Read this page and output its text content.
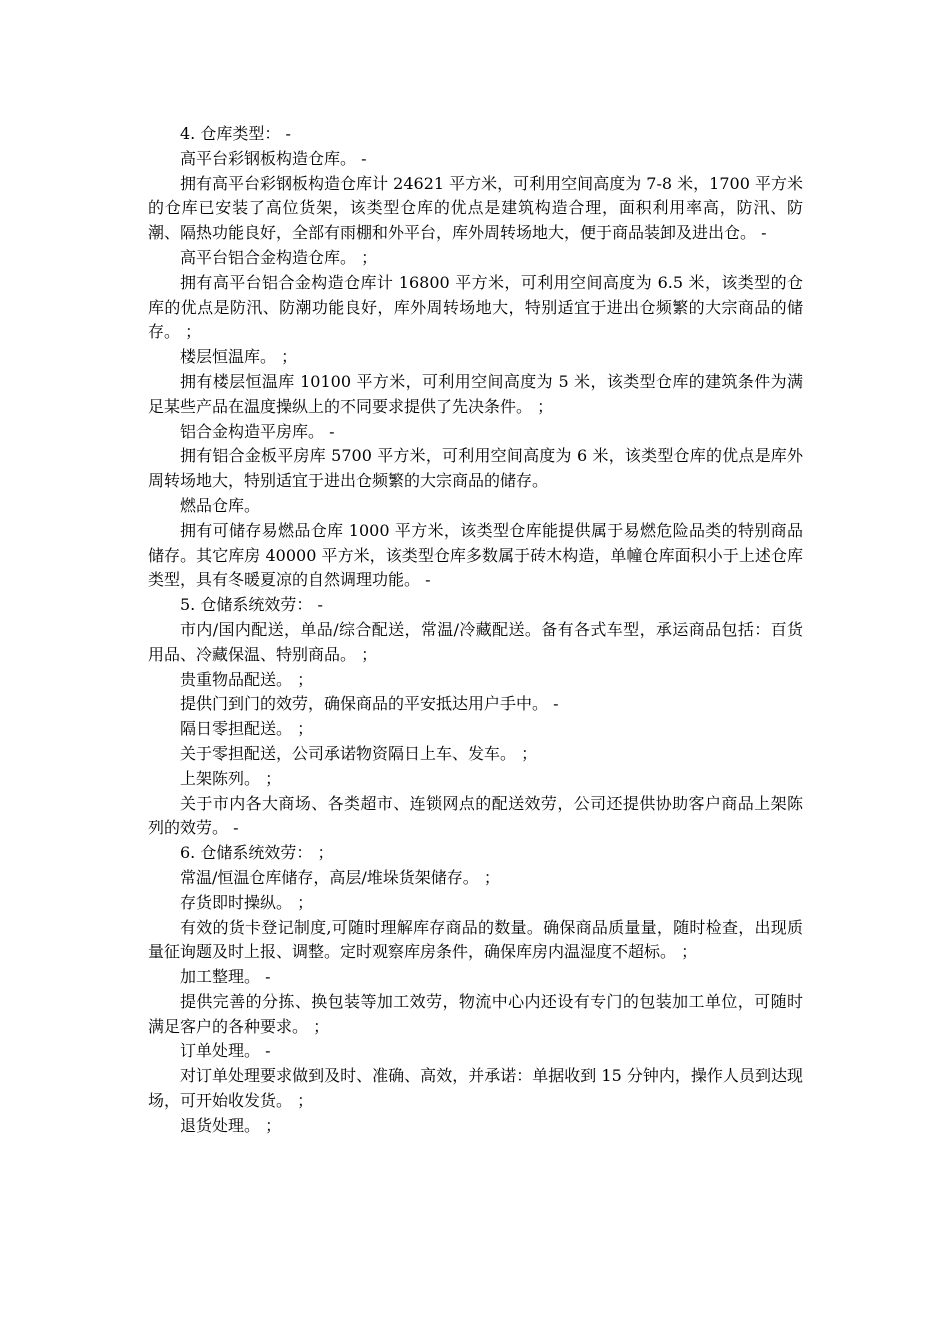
4. 仓库类型： -

高平台彩钢板构造仓库。 -

拥有高平台彩钢板构造仓库计 24621 平方米，可利用空间高度为 7-8 米，1700 平方米的仓库已安装了高位货架，该类型仓库的优点是建筑构造合理，面积利用率高，防汛、防潮、隔热功能良好，全部有雨棚和外平台，库外周转场地大，便于商品装卸及进出仓。 -

高平台铝合金构造仓库。 ；

拥有高平台铝合金构造仓库计 16800 平方米，可利用空间高度为 6.5 米，该类型的仓库的优点是防汛、防潮功能良好，库外周转场地大，特别适宜于进出仓频繁的大宗商品的储存。 ；

楼层恒温库。 ；

拥有楼层恒温库 10100 平方米，可利用空间高度为 5 米，该类型仓库的建筑条件为满足某些产品在温度操纵上的不同要求提供了先决条件。 ；

铝合金构造平房库。 -

拥有铝合金板平房库 5700 平方米，可利用空间高度为 6 米，该类型仓库的优点是库外周转场地大，特别适宜于进出仓频繁的大宗商品的储存。

燃品仓库。

拥有可储存易燃品仓库 1000 平方米，该类型仓库能提供属于易燃危险品类的特别商品储存。其它库房 40000 平方米，该类型仓库多数属于砖木构造，单幢仓库面积小于上述仓库类型，具有冬暖夏凉的自然调理功能。 -

5. 仓储系统效劳： -

市内/国内配送，单品/综合配送，常温/冷藏配送。备有各式车型，承运商品包括：百货用品、冷藏保温、特别商品。 ；

贵重物品配送。 ；

提供门到门的效劳，确保商品的平安抵达用户手中。 -

隔日零担配送。 ；

关于零担配送，公司承诺物资隔日上车、发车。 ；

上架陈列。 ；

关于市内各大商场、各类超市、连锁网点的配送效劳，公司还提供协助客户商品上架陈列的效劳。 -

6. 仓储系统效劳： ；

常温/恒温仓库储存，高层/堆垛货架储存。 ；

存货即时操纵。 ；

有效的货卡登记制度,可随时理解库存商品的数量。确保商品质量量，随时检查，出现质量征询题及时上报、调整。定时观察库房条件，确保库房内温湿度不超标。 ；

加工整理。 -

提供完善的分拣、换包装等加工效劳，物流中心内还设有专门的包装加工单位，可随时满足客户的各种要求。 ；

订单处理。 -

对订单处理要求做到及时、准确、高效，并承诺：单据收到 15 分钟内，操作人员到达现场，可开始收发货。 ；

退货处理。 ；
